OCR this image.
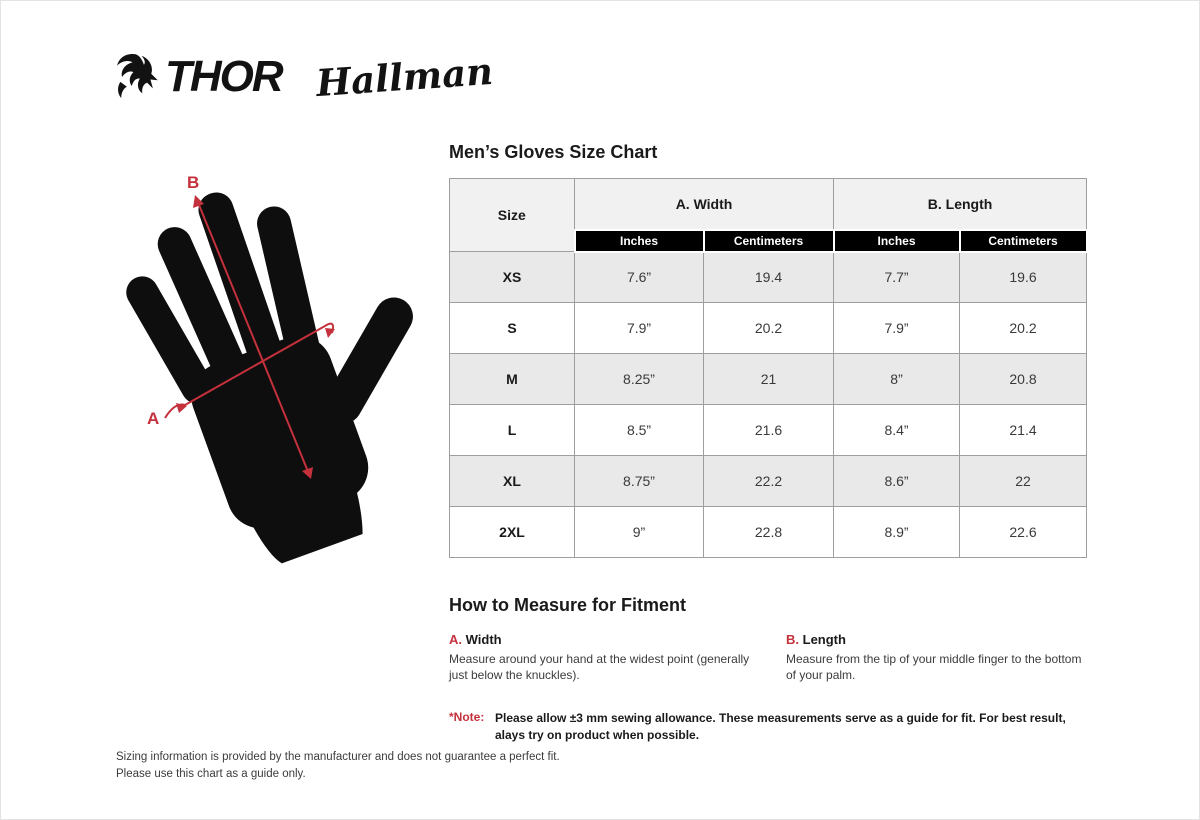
THOR Hallman
B
A
Men’s Gloves Size Chart
Size	A. Width		B. Length	
	Inches	Centimeters	Inches	Centimeters
XS	7.6”	19.4	7.7”	19.6
S	7.9”	20.2	7.9”	20.2
M	8.25”	21	8”	20.8
L	8.5”	21.6	8.4”	21.4
XL	8.75”	22.2	8.6”	22
2XL	9”	22.8	8.9”	22.6
How to Measure for Fitment
A. Width
Measure around your hand at the widest point (generally just below the knuckles).
B. Length
Measure from the tip of your middle finger to the bottom of your palm.
*Note: Please allow ±3 mm sewing allowance. These measurements serve as a guide for fit. For best result, alays try on product when possible.
Sizing information is provided by the manufacturer and does not guarantee a perfect fit.
Please use this chart as a guide only.
